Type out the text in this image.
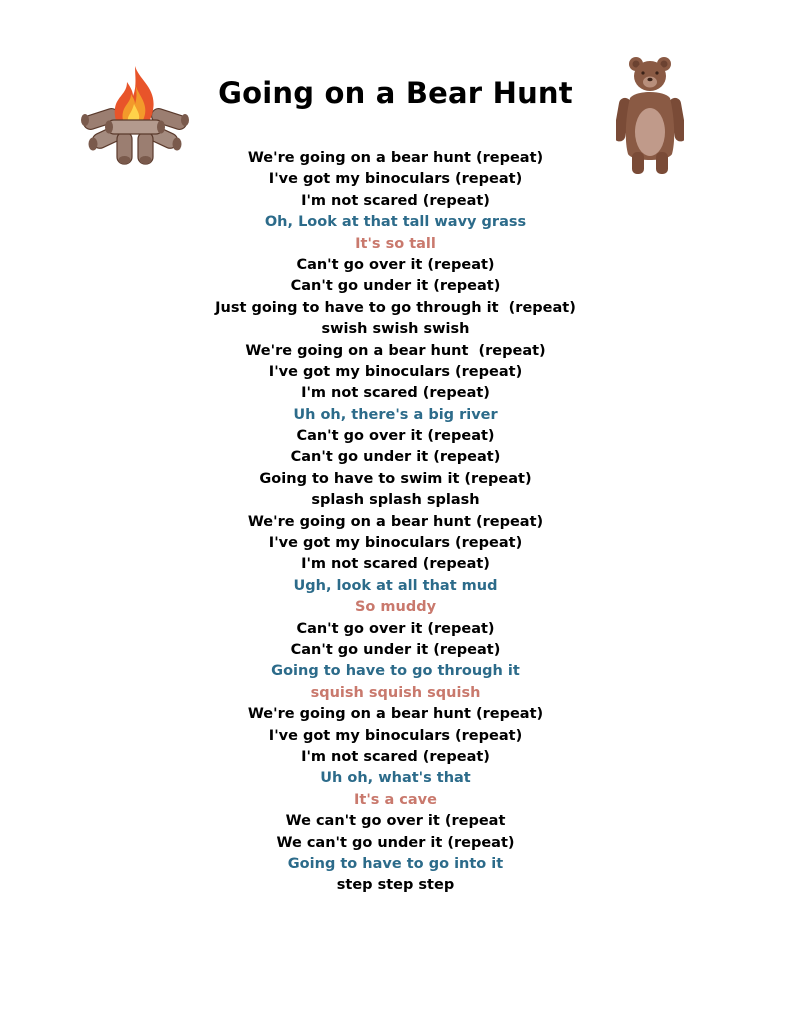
Going on a Bear Hunt
We're going on a bear hunt (repeat)
I've got my binoculars (repeat)
I'm not scared (repeat)
Oh, Look at that tall wavy grass
It's so tall
Can't go over it (repeat)
Can't go under it (repeat)
Just going to have to go through it  (repeat)
swish swish swish
We're going on a bear hunt  (repeat)
I've got my binoculars (repeat)
I'm not scared (repeat)
Uh oh, there's a big river
Can't go over it (repeat)
Can't go under it (repeat)
Going to have to swim it (repeat)
splash splash splash
We're going on a bear hunt (repeat)
I've got my binoculars (repeat)
I'm not scared (repeat)
Ugh, look at all that mud
So muddy
Can't go over it (repeat)
Can't go under it (repeat)
Going to have to go through it
squish squish squish
We're going on a bear hunt (repeat)
I've got my binoculars (repeat)
I'm not scared (repeat)
Uh oh, what's that
It's a cave
We can't go over it (repeat
We can't go under it (repeat)
Going to have to go into it
step step step
